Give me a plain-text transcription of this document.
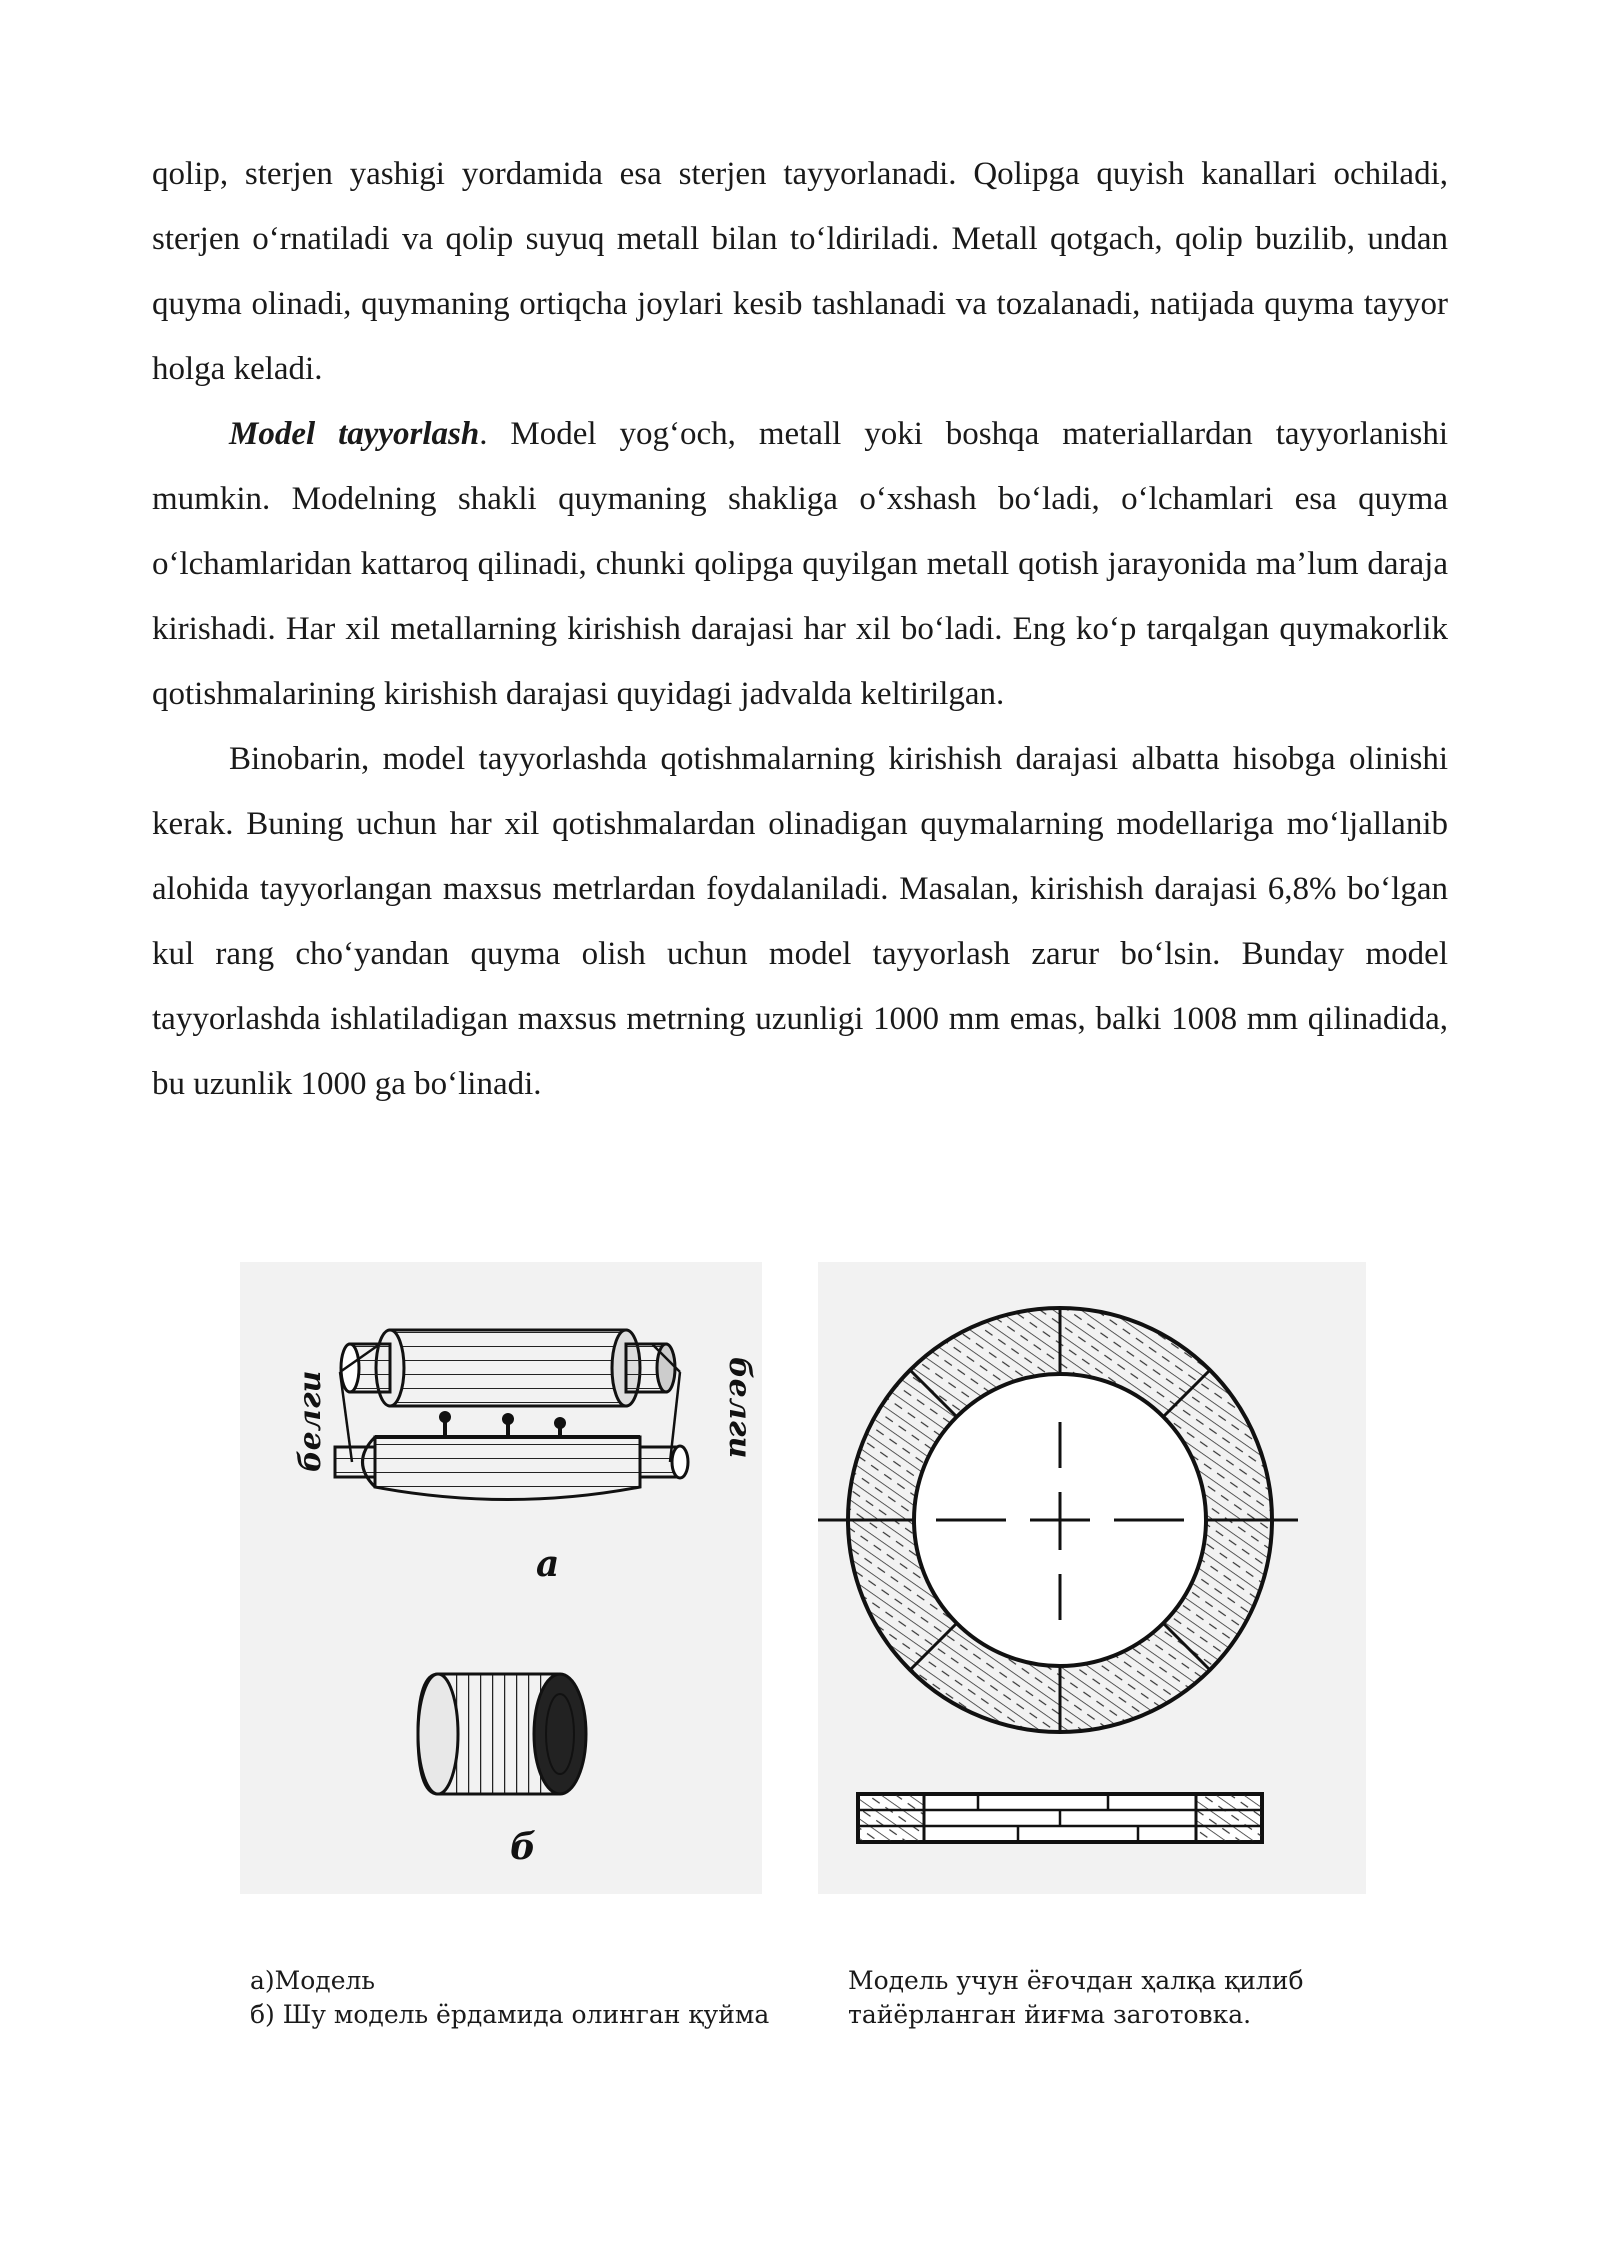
qolip, sterjen yashigi yordamida esa sterjen tayyorlanadi. Qolipga quyish kanallari ochiladi, sterjen o‘rnatiladi va qolip suyuq metall bilan to‘ldiriladi. Metall qotgach, qolip buzilib, undan quyma olinadi, quymaning ortiqcha joylari kesib tashlanadi va tozalanadi, natijada quyma tayyor holga keladi.

Model tayyorlash. Model yog‘och, metall yoki boshqa materiallardan tayyorlanishi mumkin. Modelning shakli quymaning shakliga o‘xshash bo‘ladi, o‘lchamlari esa quyma o‘lchamlaridan kattaroq qilinadi, chunki qolipga quyilgan metall qotish jarayonida ma’lum daraja kirishadi. Har xil metallarning kirishish darajasi har xil bo‘ladi. Eng ko‘p tarqalgan quymakorlik qotishmalarining kirishish darajasi quyidagi jadvalda keltirilgan.

Binobarin, model tayyorlashda qotishmalarning kirishish darajasi albatta hisobga olinishi kerak. Buning uchun har xil qotishmalardan olinadigan quymalarning modellariga mo‘ljallanib alohida tayyorlangan maxsus metrlardan foydalaniladi. Masalan, kirishish darajasi 6,8% bo‘lgan kul rang cho‘yandan quyma olish uchun model tayyorlash zarur bo‘lsin. Bunday model tayyorlashda ishlatiladigan maxsus metrning uzunligi 1000 mm emas, balki 1008 mm qilinadida, bu uzunlik 1000 ga bo‘linadi.

белги	белги
а
б
а)Модель
б) Шу модель ёрдамида олинган қуйма
Модель учун ёғочдан ҳалқа қилиб
тайёрланган йиғма заготовка.
